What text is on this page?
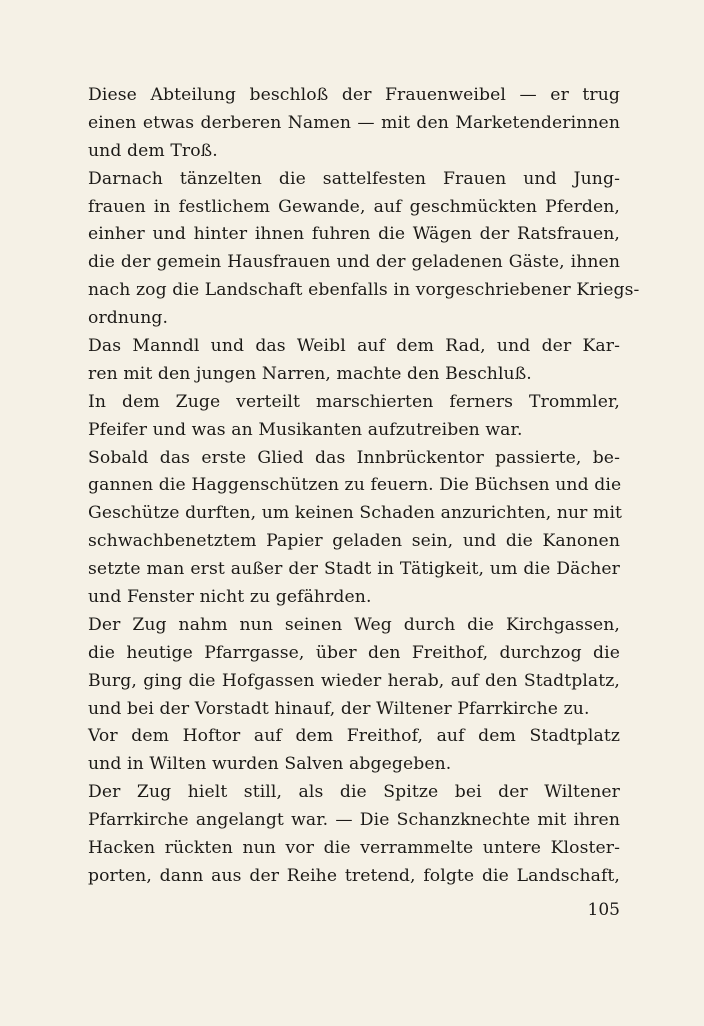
Diese Abteilung beschloß der Frauenweibel — er trug
einen etwas derberen Namen — mit den Marketenderinnen
und dem Troß.
Darnach tänzelten die sattelfesten Frauen und Jung-
frauen in festlichem Gewande, auf geschmückten Pferden,
einher und hinter ihnen fuhren die Wägen der Ratsfrauen,
die der gemein Hausfrauen und der geladenen Gäste, ihnen
nach zog die Landschaft ebenfalls in vorgeschriebener Kriegs-
ordnung.
Das Manndl und das Weibl auf dem Rad, und der Kar-
ren mit den jungen Narren, machte den Beschluß.
In dem Zuge verteilt marschierten ferners Trommler,
Pfeifer und was an Musikanten aufzutreiben war.
Sobald das erste Glied das Innbrückentor passierte, be-
gannen die Haggenschützen zu feuern. Die Büchsen und die
Geschütze durften, um keinen Schaden anzurichten, nur mit
schwachbenetztem Papier geladen sein, und die Kanonen
setzte man erst außer der Stadt in Tätigkeit, um die Dächer
und Fenster nicht zu gefährden.
Der Zug nahm nun seinen Weg durch die Kirchgassen,
die heutige Pfarrgasse, über den Freithof, durchzog die
Burg, ging die Hofgassen wieder herab, auf den Stadtplatz,
und bei der Vorstadt hinauf, der Wiltener Pfarrkirche zu.
Vor dem Hoftor auf dem Freithof, auf dem Stadtplatz
und in Wilten wurden Salven abgegeben.
Der Zug hielt still, als die Spitze bei der Wiltener
Pfarrkirche angelangt war. — Die Schanzknechte mit ihren
Hacken rückten nun vor die verrammelte untere Kloster-
porten, dann aus der Reihe tretend, folgte die Landschaft,
105
